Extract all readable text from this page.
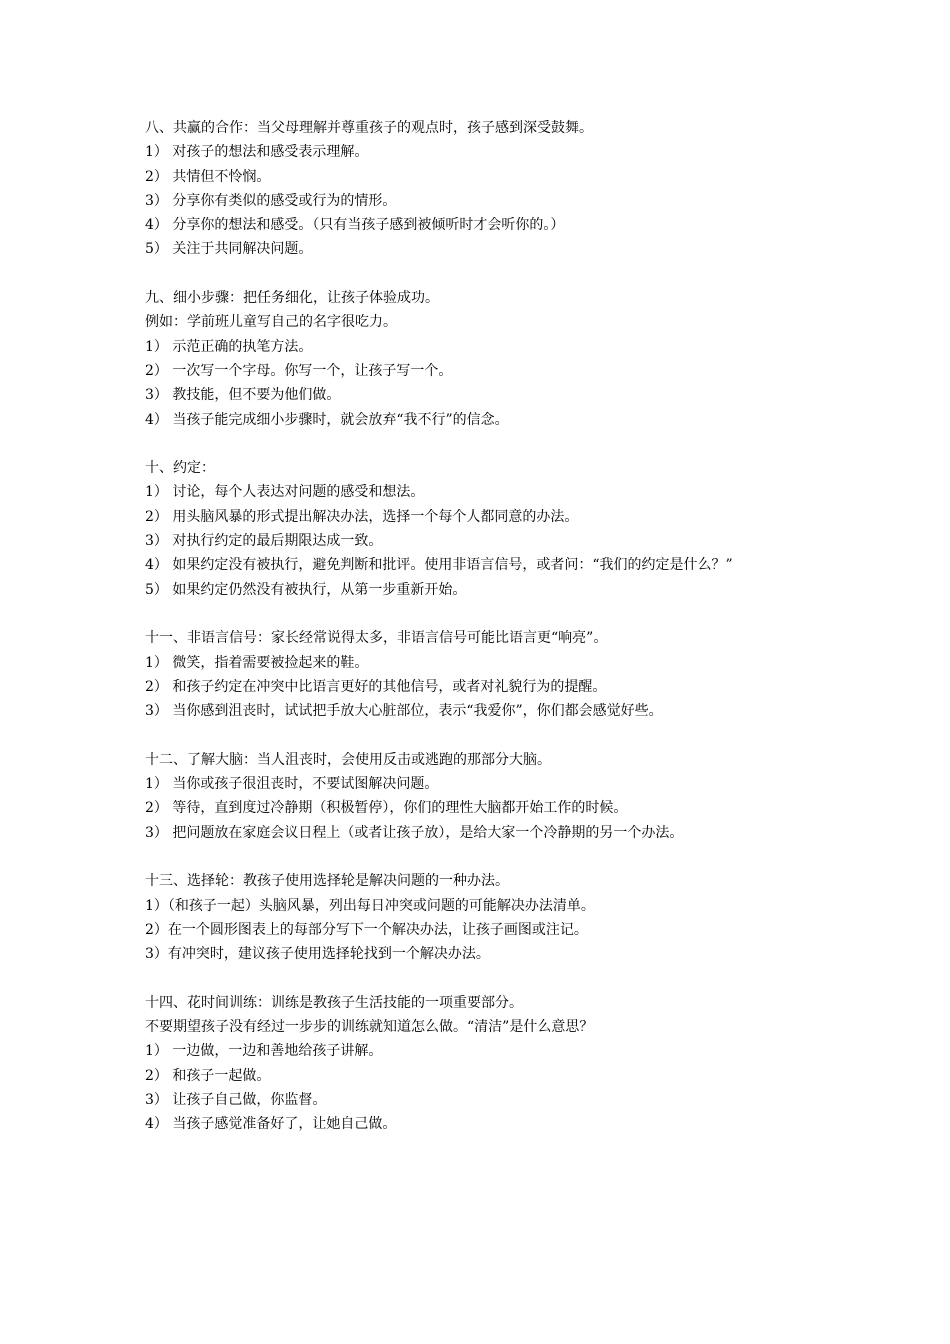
八、共赢的合作：当父母理解并尊重孩子的观点时，孩子感到深受鼓舞。
1） 对孩子的想法和感受表示理解。
2） 共情但不怜悯。
3） 分享你有类似的感受或行为的情形。
4） 分享你的想法和感受。（只有当孩子感到被倾听时才会听你的。）
5） 关注于共同解决问题。
九、细小步骤：把任务细化，让孩子体验成功。
例如：学前班儿童写自己的名字很吃力。
1） 示范正确的执笔方法。
2） 一次写一个字母。你写一个，让孩子写一个。
3） 教技能，但不要为他们做。
4） 当孩子能完成细小步骤时，就会放弃“我不行”的信念。
十、约定：
1） 讨论，每个人表达对问题的感受和想法。
2） 用头脑风暴的形式提出解决办法，选择一个每个人都同意的办法。
3） 对执行约定的最后期限达成一致。
4） 如果约定没有被执行，避免判断和批评。使用非语言信号，或者问：“我们的约定是什么？”
5） 如果约定仍然没有被执行，从第一步重新开始。
十一、非语言信号：家长经常说得太多，非语言信号可能比语言更“响亮”。
1） 微笑，指着需要被捡起来的鞋。
2） 和孩子约定在冲突中比语言更好的其他信号，或者对礼貌行为的提醒。
3） 当你感到沮丧时，试试把手放大心脏部位，表示“我爱你”，你们都会感觉好些。
十二、了解大脑：当人沮丧时，会使用反击或逃跑的那部分大脑。
1） 当你或孩子很沮丧时，不要试图解决问题。
2） 等待，直到度过冷静期（积极暂停），你们的理性大脑都开始工作的时候。
3） 把问题放在家庭会议日程上（或者让孩子放），是给大家一个冷静期的另一个办法。
十三、选择轮：教孩子使用选择轮是解决问题的一种办法。
1）（和孩子一起）头脑风暴，列出每日冲突或问题的可能解决办法清单。
2）在一个圆形图表上的每部分写下一个解决办法，让孩子画图或注记。
3）有冲突时，建议孩子使用选择轮找到一个解决办法。
十四、花时间训练：训练是教孩子生活技能的一项重要部分。
不要期望孩子没有经过一步步的训练就知道怎么做。“清洁”是什么意思？
1） 一边做，一边和善地给孩子讲解。
2） 和孩子一起做。
3） 让孩子自己做，你监督。
4） 当孩子感觉准备好了，让她自己做。
